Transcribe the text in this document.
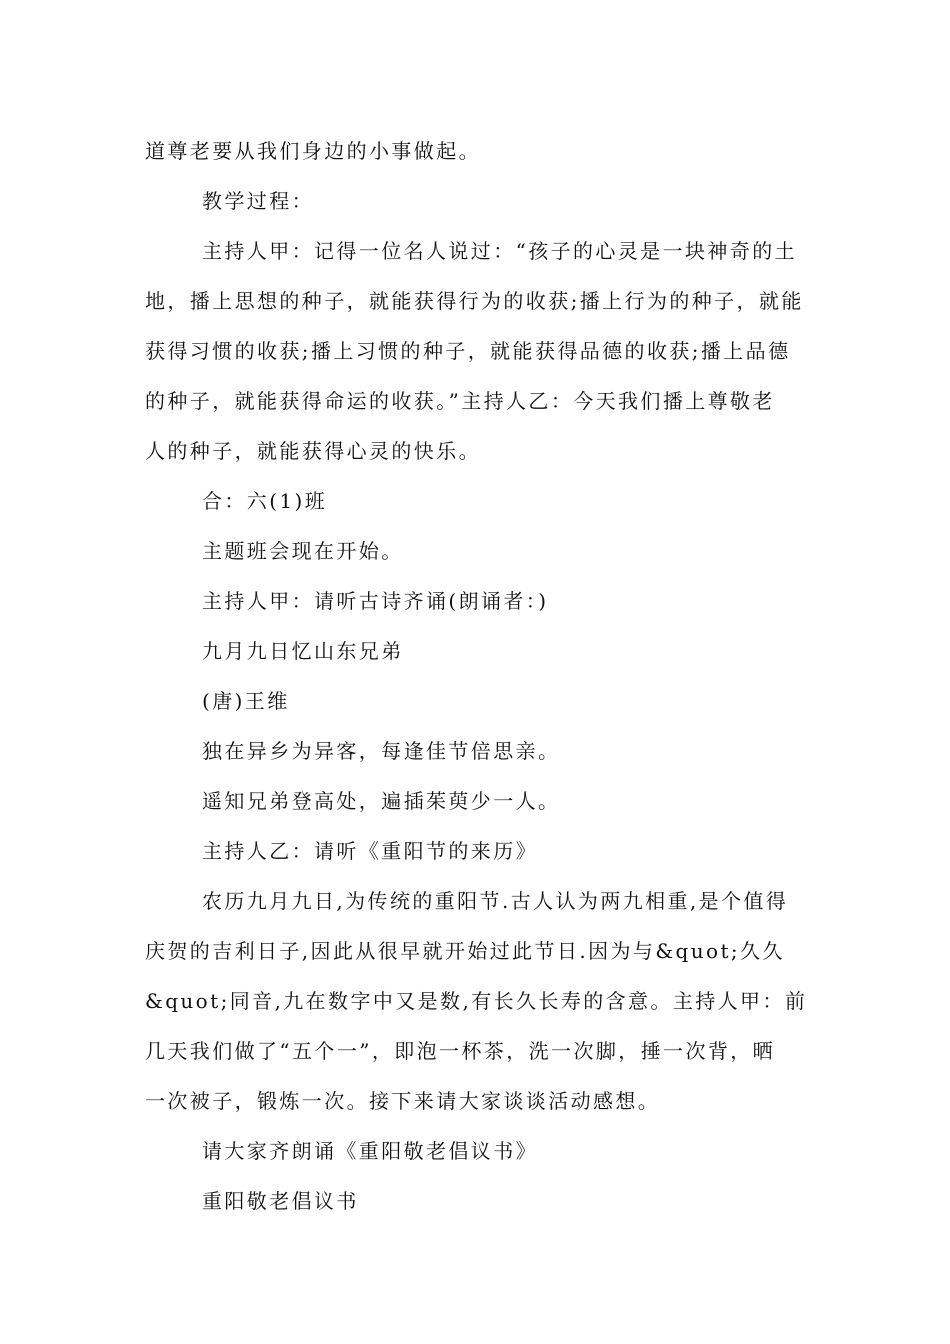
道尊老要从我们身边的小事做起。
教学过程：
主持人甲：记得一位名人说过：“孩子的心灵是一块神奇的土
地，播上思想的种子，就能获得行为的收获;播上行为的种子，就能
获得习惯的收获;播上习惯的种子，就能获得品德的收获;播上品德
的种子，就能获得命运的收获。”主持人乙：今天我们播上尊敬老
人的种子，就能获得心灵的快乐。
合：六(1)班
主题班会现在开始。
主持人甲：请听古诗齐诵(朗诵者：)
九月九日忆山东兄弟
(唐)王维
独在异乡为异客，每逢佳节倍思亲。
遥知兄弟登高处，遍插茱萸少一人。
主持人乙：请听《重阳节的来历》
农历九月九日,为传统的重阳节.古人认为两九相重,是个值得
庆贺的吉利日子,因此从很早就开始过此节日.因为与&quot;久久
&quot;同音,九在数字中又是数,有长久长寿的含意。主持人甲：前
几天我们做了“五个一”，即泡一杯茶，洗一次脚，捶一次背，晒
一次被子，锻炼一次。接下来请大家谈谈活动感想。
请大家齐朗诵《重阳敬老倡议书》
重阳敬老倡议书
